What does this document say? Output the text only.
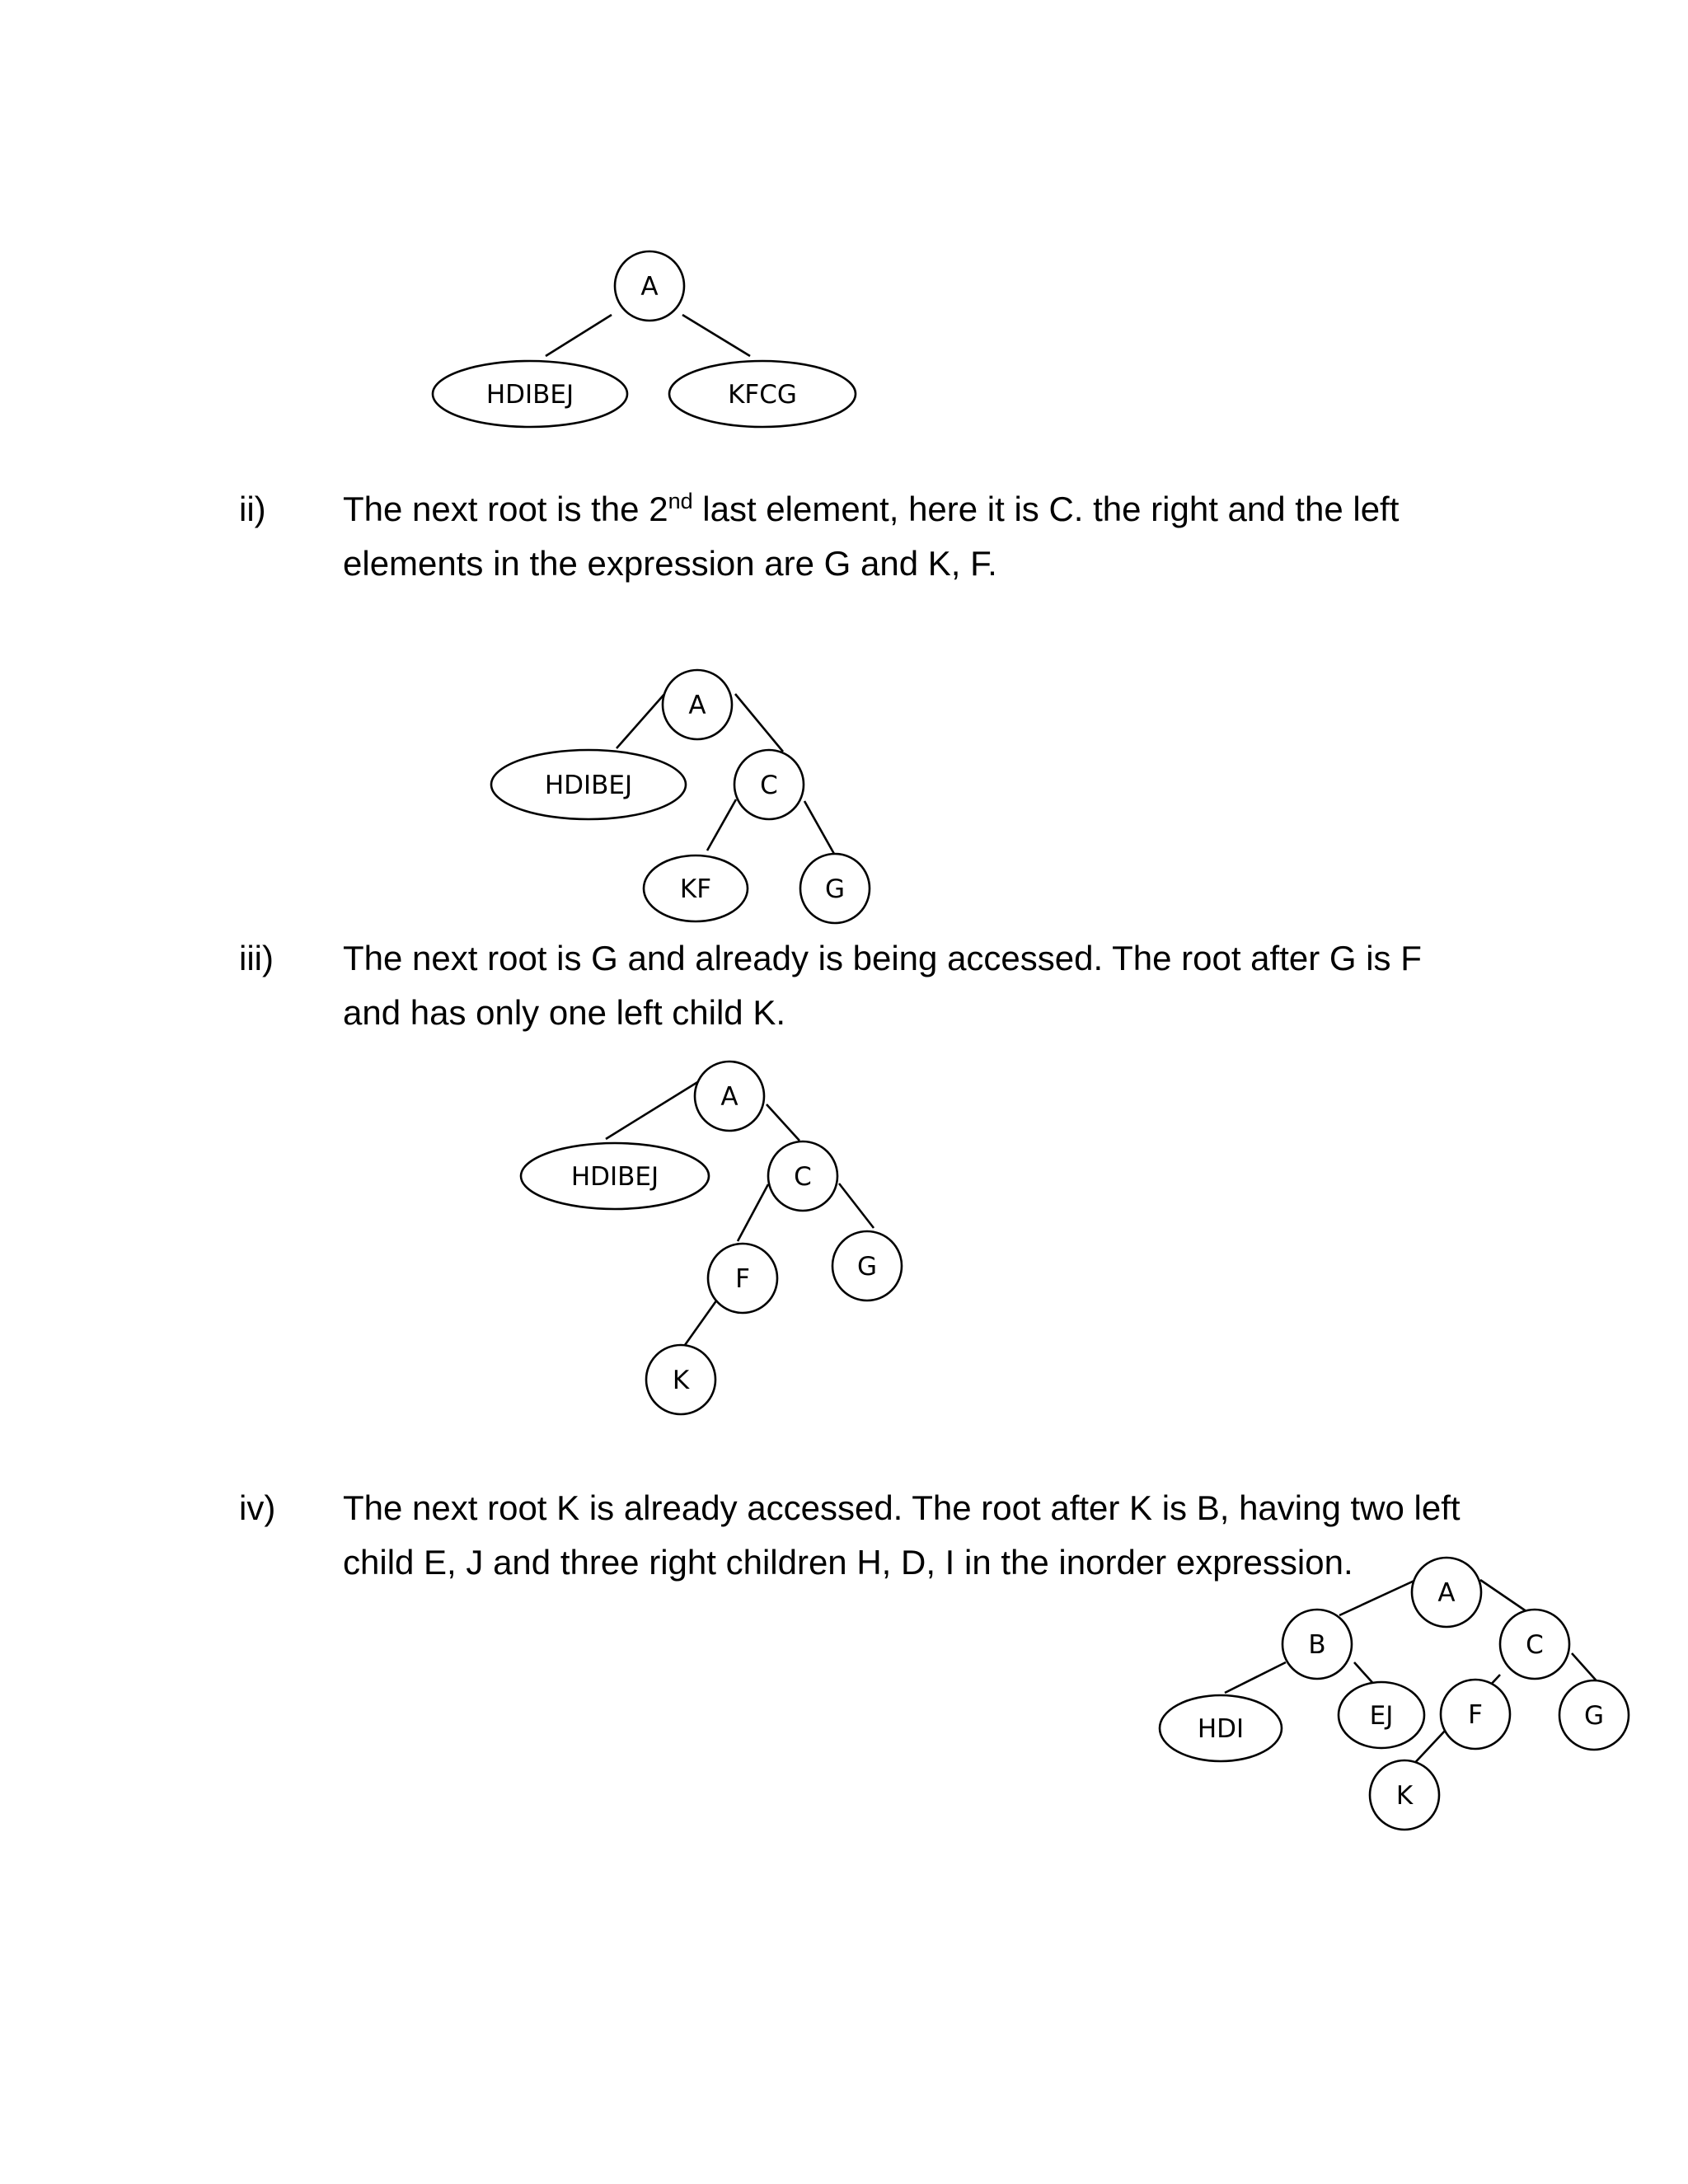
A
HDIBEJ	KFCG
A
HDIBEJ	C
KF	G
A
HDIBEJ	C
F	G
K
A
B	C
HDI	EJ	F	G
K
ii) The next root is the 2nd last element, here it is C. the right and the left elements in the expression are G and K, F.
iii) The next root is G and already is being accessed. The root after G is F and has only one left child K.
iv) The next root K is already accessed. The root after K is B, having two left child E, J and three right children H, D, I in the inorder expression.
